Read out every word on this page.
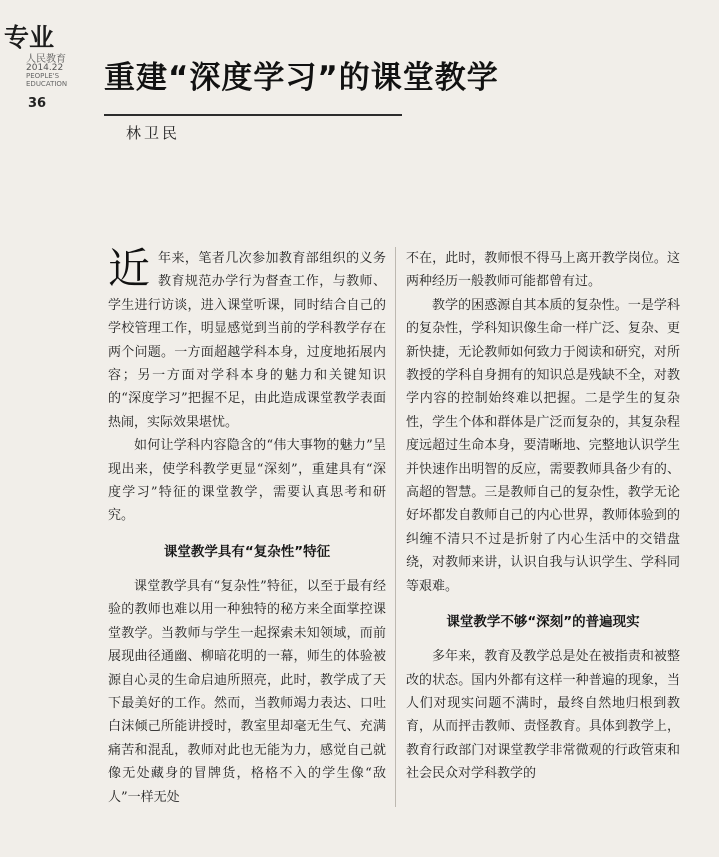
专业
人民教育
2014.22
PEOPLE'S EDUCATION
36
重建“深度学习”的课堂教学
林卫民

近年来，笔者几次参加教育部组织的义务教育规范办学行为督查工作，与教师、学生进行访谈，进入课堂听课，同时结合自己的学校管理工作，明显感觉到当前的学科教学存在两个问题。一方面超越学科本身，过度地拓展内容；另一方面对学科本身的魅力和关键知识的“深度学习”把握不足，由此造成课堂教学表面热闹，实际效果堪忧。

如何让学科内容隐含的“伟大事物的魅力”呈现出来，使学科教学更显“深刻”，重建具有“深度学习”特征的课堂教学，需要认真思考和研究。

课堂教学具有“复杂性”特征

课堂教学具有“复杂性”特征，以至于最有经验的教师也难以用一种独特的秘方来全面掌控课堂教学。当教师与学生一起探索未知领域，而前展现曲径通幽、柳暗花明的一幕，师生的体验被源自心灵的生命启迪所照亮，此时，教学成了天下最美好的工作。然而，当教师竭力表达、口吐白沫倾己所能讲授时，教室里却毫无生气、充满痛苦和混乱，教师对此也无能为力，感觉自己就像无处藏身的冒牌货，格格不入的学生像“敌人”一样无处

不在，此时，教师恨不得马上离开教学岗位。这两种经历一般教师可能都曾有过。

教学的困惑源自其本质的复杂性。一是学科的复杂性，学科知识像生命一样广泛、复杂、更新快捷，无论教师如何致力于阅读和研究，对所教授的学科自身拥有的知识总是残缺不全，对教学内容的控制始终难以把握。二是学生的复杂性，学生个体和群体是广泛而复杂的，其复杂程度远超过生命本身，要清晰地、完整地认识学生并快速作出明智的反应，需要教师具备少有的、高超的智慧。三是教师自己的复杂性，教学无论好坏都发自教师自己的内心世界，教师体验到的纠缠不清只不过是折射了内心生活中的交错盘绕，对教师来讲，认识自我与认识学生、学科同等艰难。

课堂教学不够“深刻”的普遍现实

多年来，教育及教学总是处在被指责和被整改的状态。国内外都有这样一种普遍的现象，当人们对现实问题不满时，最终自然地归根到教育，从而抨击教师、责怪教育。具体到教学上，教育行政部门对课堂教学非常微观的行政管束和社会民众对学科教学的
